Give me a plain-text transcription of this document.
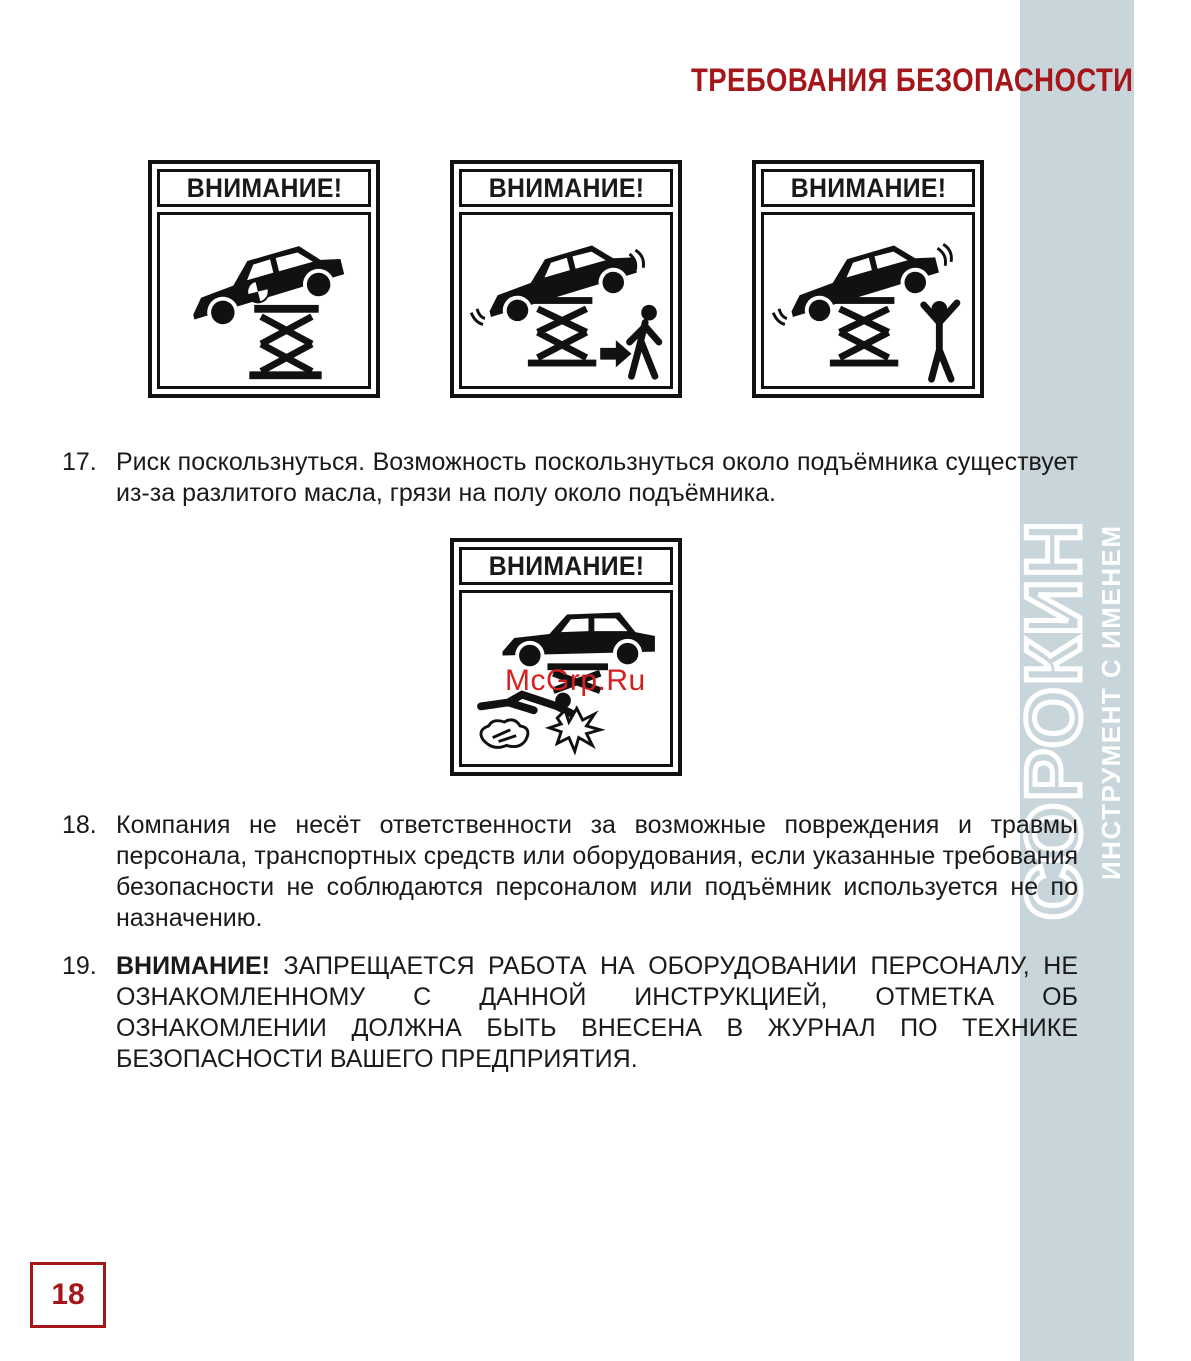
СОРОКИН ИНСТРУМЕНТ С ИМЕНЕМ
ТРЕБОВАНИЯ БЕЗОПАСНОСТИ
ВНИМАНИЕ!	ВНИМАНИЕ!	ВНИМАНИЕ!
17. Риск поскользнуться. Возможность поскользнуться около подъёмника существует из-за разлитого масла, грязи на полу около подъёмника.
ВНИМАНИЕ!
McGrp.Ru
18. Компания не несёт ответственности за возможные повреждения и травмы персонала, транспортных средств или оборудования, если указанные требования безопасности не соблюдаются персоналом или подъёмник используется не по назначению.
19. ВНИМАНИЕ! ЗАПРЕЩАЕТСЯ РАБОТА НА ОБОРУДОВАНИИ ПЕРСОНАЛУ, НЕ ОЗНАКОМЛЕННОМУ С ДАННОЙ ИНСТРУКЦИЕЙ, ОТМЕТКА ОБ ОЗНАКОМЛЕНИИ ДОЛЖНА БЫТЬ ВНЕСЕНА В ЖУРНАЛ ПО ТЕХНИКЕ БЕЗОПАСНОСТИ ВАШЕГО ПРЕДПРИЯТИЯ.
18
